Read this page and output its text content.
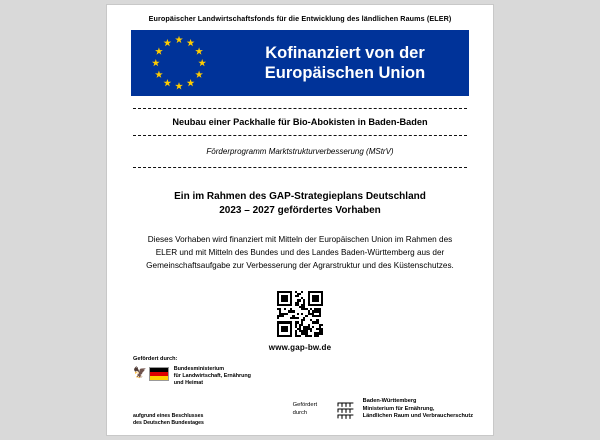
Europäischer Landwirtschaftsfonds für die Entwicklung des ländlichen Raums (ELER)
Kofinanziert von der
Europäischen Union
Neubau einer Packhalle für Bio-Abokisten in Baden-Baden
Förderprogramm Marktstrukturverbesserung (MStrV)
Ein im Rahmen des GAP-Strategieplans Deutschland
2023 – 2027 gefördertes Vorhaben
Dieses Vorhaben wird finanziert mit Mitteln der Europäischen Union im Rahmen des ELER und mit Mitteln des Bundes und des Landes Baden-Württemberg aus der Gemeinschaftsaufgabe zur Verbesserung der Agrarstruktur und des Küstenschutzes.
www.gap-bw.de
Gefördert durch:
🦅	Bundesministerium
für Landwirtschaft, Ernährung
und Heimat
aufgrund eines Beschlusses
des Deutschen Bundestages
Gefördert
durch
Baden-Württemberg
Ministerium für Ernährung,
Ländlichen Raum und Verbraucherschutz
